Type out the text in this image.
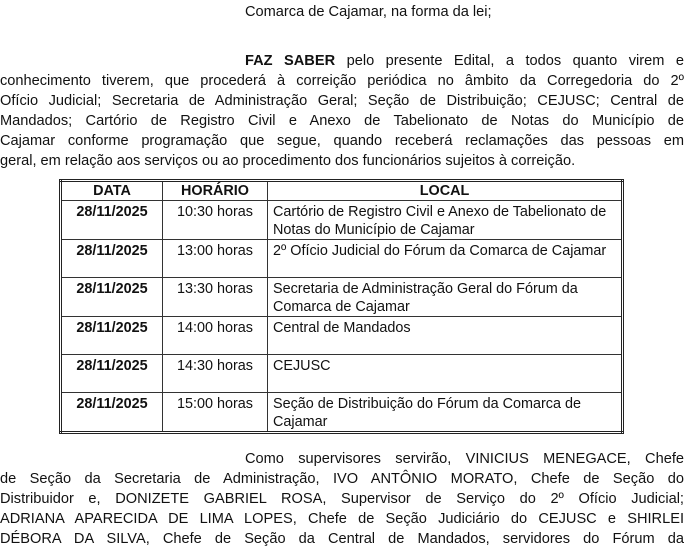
Comarca de Cajamar, na forma da lei;
FAZ SABER pelo presente Edital, a todos quanto virem e
conhecimento tiverem, que procederá à correição periódica no âmbito da Corregedoria do 2º
Ofício Judicial; Secretaria de Administração Geral; Seção de Distribuição; CEJUSC; Central de
Mandados; Cartório de Registro Civil e Anexo de Tabelionato de Notas do Município de
Cajamar conforme programação que segue, quando receberá reclamações das pessoas em
geral, em relação aos serviços ou ao procedimento dos funcionários sujeitos à correição.
DATA	HORÁRIO	LOCAL
28/11/2025	10:30 horas	Cartório de Registro Civil e Anexo de Tabelionato de Notas do Município de Cajamar
28/11/2025	13:00 horas	2º Ofício Judicial do Fórum da Comarca de Cajamar
28/11/2025	13:30 horas	Secretaria de Administração Geral do Fórum da Comarca de Cajamar
28/11/2025	14:00 horas	Central de Mandados
28/11/2025	14:30 horas	CEJUSC
28/11/2025	15:00 horas	Seção de Distribuição do Fórum da Comarca de Cajamar
Como supervisores servirão, VINICIUS MENEGACE, Chefe
de Seção da Secretaria de Administração, IVO ANTÔNIO MORATO, Chefe de Seção do
Distribuidor e, DONIZETE GABRIEL ROSA, Supervisor de Serviço do 2º Ofício Judicial;
ADRIANA APARECIDA DE LIMA LOPES, Chefe de Seção Judiciário do CEJUSC e SHIRLEI
DÉBORA DA SILVA, Chefe de Seção da Central de Mandados, servidores do Fórum da
